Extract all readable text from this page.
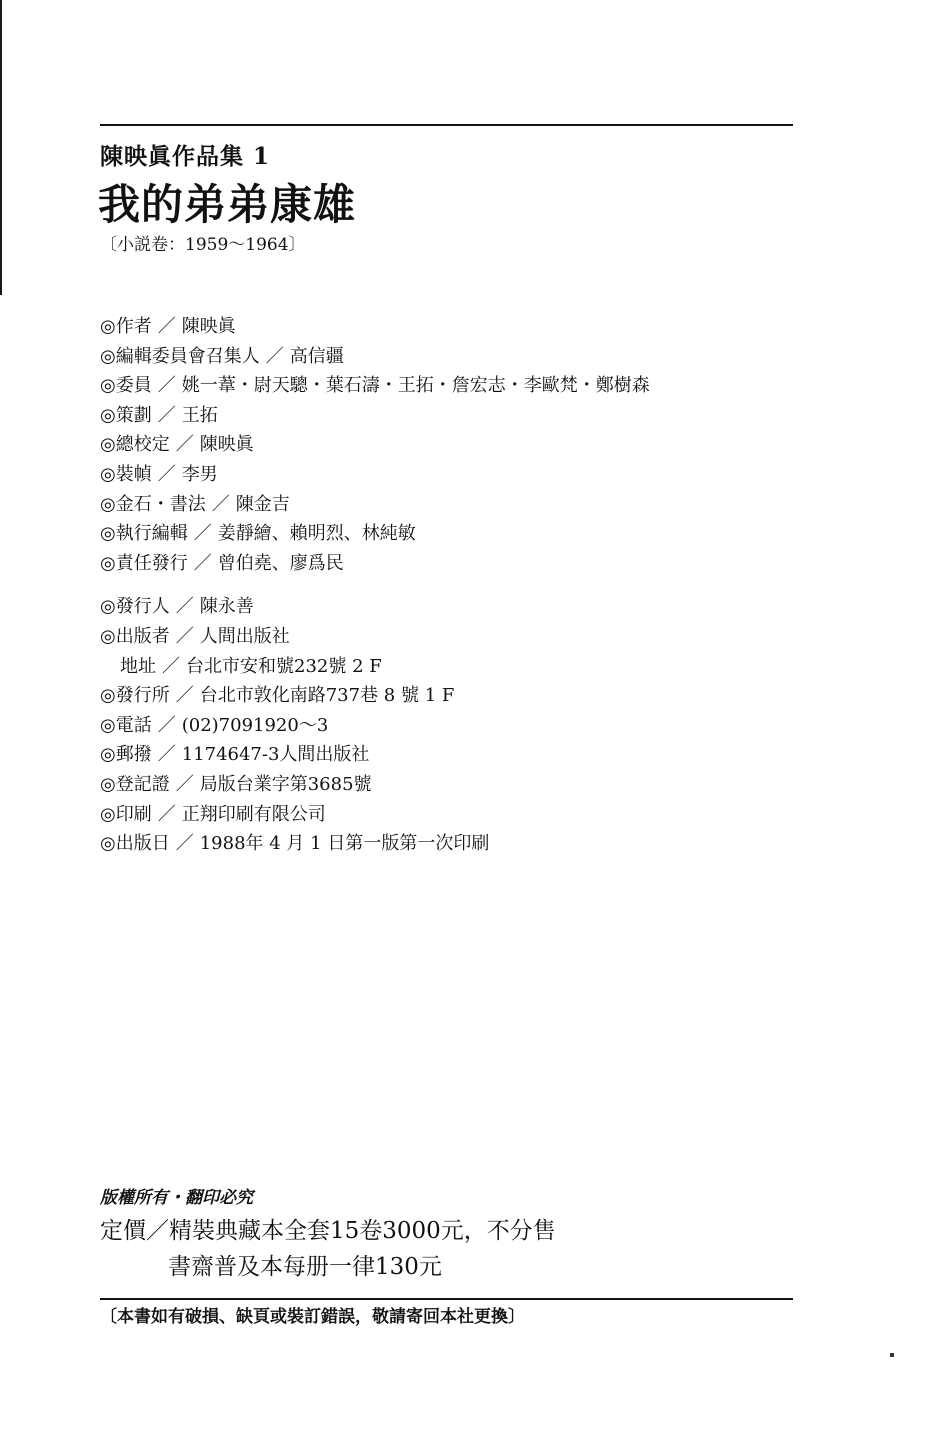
陳映眞作品集 1
我的弟弟康雄
〔小説卷：1959～1964〕
◎作者 ／ 陳映眞
◎編輯委員會召集人 ／ 高信疆
◎委員 ／ 姚一葦・尉天驄・葉石濤・王拓・詹宏志・李歐梵・鄭樹森
◎策劃 ／ 王拓
◎總校定 ／ 陳映眞
◎裝幀 ／ 李男
◎金石・書法 ／ 陳金吉
◎執行編輯 ／ 姜靜繪、賴明烈、林純敏
◎責任發行 ／ 曾伯堯、廖爲民
◎發行人 ／ 陳永善
◎出版者 ／ 人間出版社
地址 ／ 台北市安和號232號 2 F
◎發行所 ／ 台北市敦化南路737巷 8 號 1 F
◎電話 ／ (02)7091920～3
◎郵撥 ／ 1174647-3人間出版社
◎登記證 ／ 局版台業字第3685號
◎印刷 ／ 正翔印刷有限公司
◎出版日 ／ 1988年 4 月 1 日第一版第一次印刷
版權所有・翻印必究
定價／精裝典藏本全套15卷3000元，不分售
書齋普及本每册一律130元
〔本書如有破損、缺頁或裝訂錯誤，敬請寄回本社更換〕
